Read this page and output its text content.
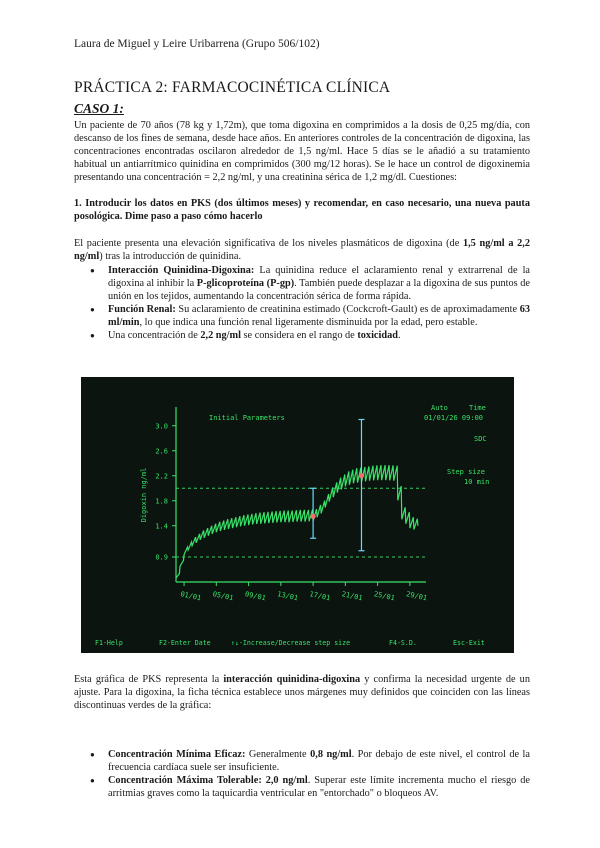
Laura de Miguel y Leire Uribarrena (Grupo 506/102)
PRÁCTICA 2: FARMACOCINÉTICA CLÍNICA
CASO 1:
Un paciente de 70 años (78 kg y 1,72m), que toma digoxina en comprimidos a la dosis de 0,25 mg/día, con descanso de los fines de semana, desde hace años. En anteriores controles de la concentración de digoxina, las concentraciones encontradas oscilaron alrededor de 1,5 ng/ml. Hace 5 días se le añadió a su tratamiento habitual un antiarrítmico quinidina en comprimidos (300 mg/12 horas). Se le hace un control de digoxinemia presentando una concentración = 2,2 ng/ml, y una creatinina sérica de 1,2 mg/dl. Cuestiones:
1. Introducir los datos en PKS (dos últimos meses) y recomendar, en caso necesario, una nueva pauta posológica. Dime paso a paso cómo hacerlo
El paciente presenta una elevación significativa de los niveles plasmáticos de digoxina (de 1,5 ng/ml a 2,2 ng/ml) tras la introducción de quinidina.
● Interacción Quinidina-Digoxina: La quinidina reduce el aclaramiento renal y extrarrenal de la digoxina al inhibir la P-glicoproteína (P-gp). También puede desplazar a la digoxina de sus puntos de unión en los tejidos, aumentando la concentración sérica de forma rápida.
● Función Renal: Su aclaramiento de creatinina estimado (Cockcroft-Gault) es de aproximadamente 63 ml/min, lo que indica una función renal ligeramente disminuida por la edad, pero estable.
● Una concentración de 2,2 ng/ml se considera en el rango de toxicidad.
Initial Parameters
Auto	Time
01/01/26 09:00
SDC
Step size
10 min
Digoxin ng/ml
01/01 05/01 09/01 13/01 17/01 21/01 25/01 29/01
3.0
2.6
2.2
1.8
1.4
0.9
F1-Help	F2-Enter Date	↑↓-Increase/Decrease step size	F4-S.D.	Esc-Exit
Esta gráfica de PKS representa la interacción quinidina-digoxina y confirma la necesidad urgente de un ajuste. Para la digoxina, la ficha técnica establece unos márgenes muy definidos que coinciden con las líneas discontinuas verdes de la gráfica:
● Concentración Mínima Eficaz: Generalmente 0,8 ng/ml. Por debajo de este nivel, el control de la frecuencia cardíaca suele ser insuficiente.
● Concentración Máxima Tolerable: 2,0 ng/ml. Superar este límite incrementa mucho el riesgo de arritmias graves como la taquicardia ventricular en "entorchado" o bloqueos AV.
